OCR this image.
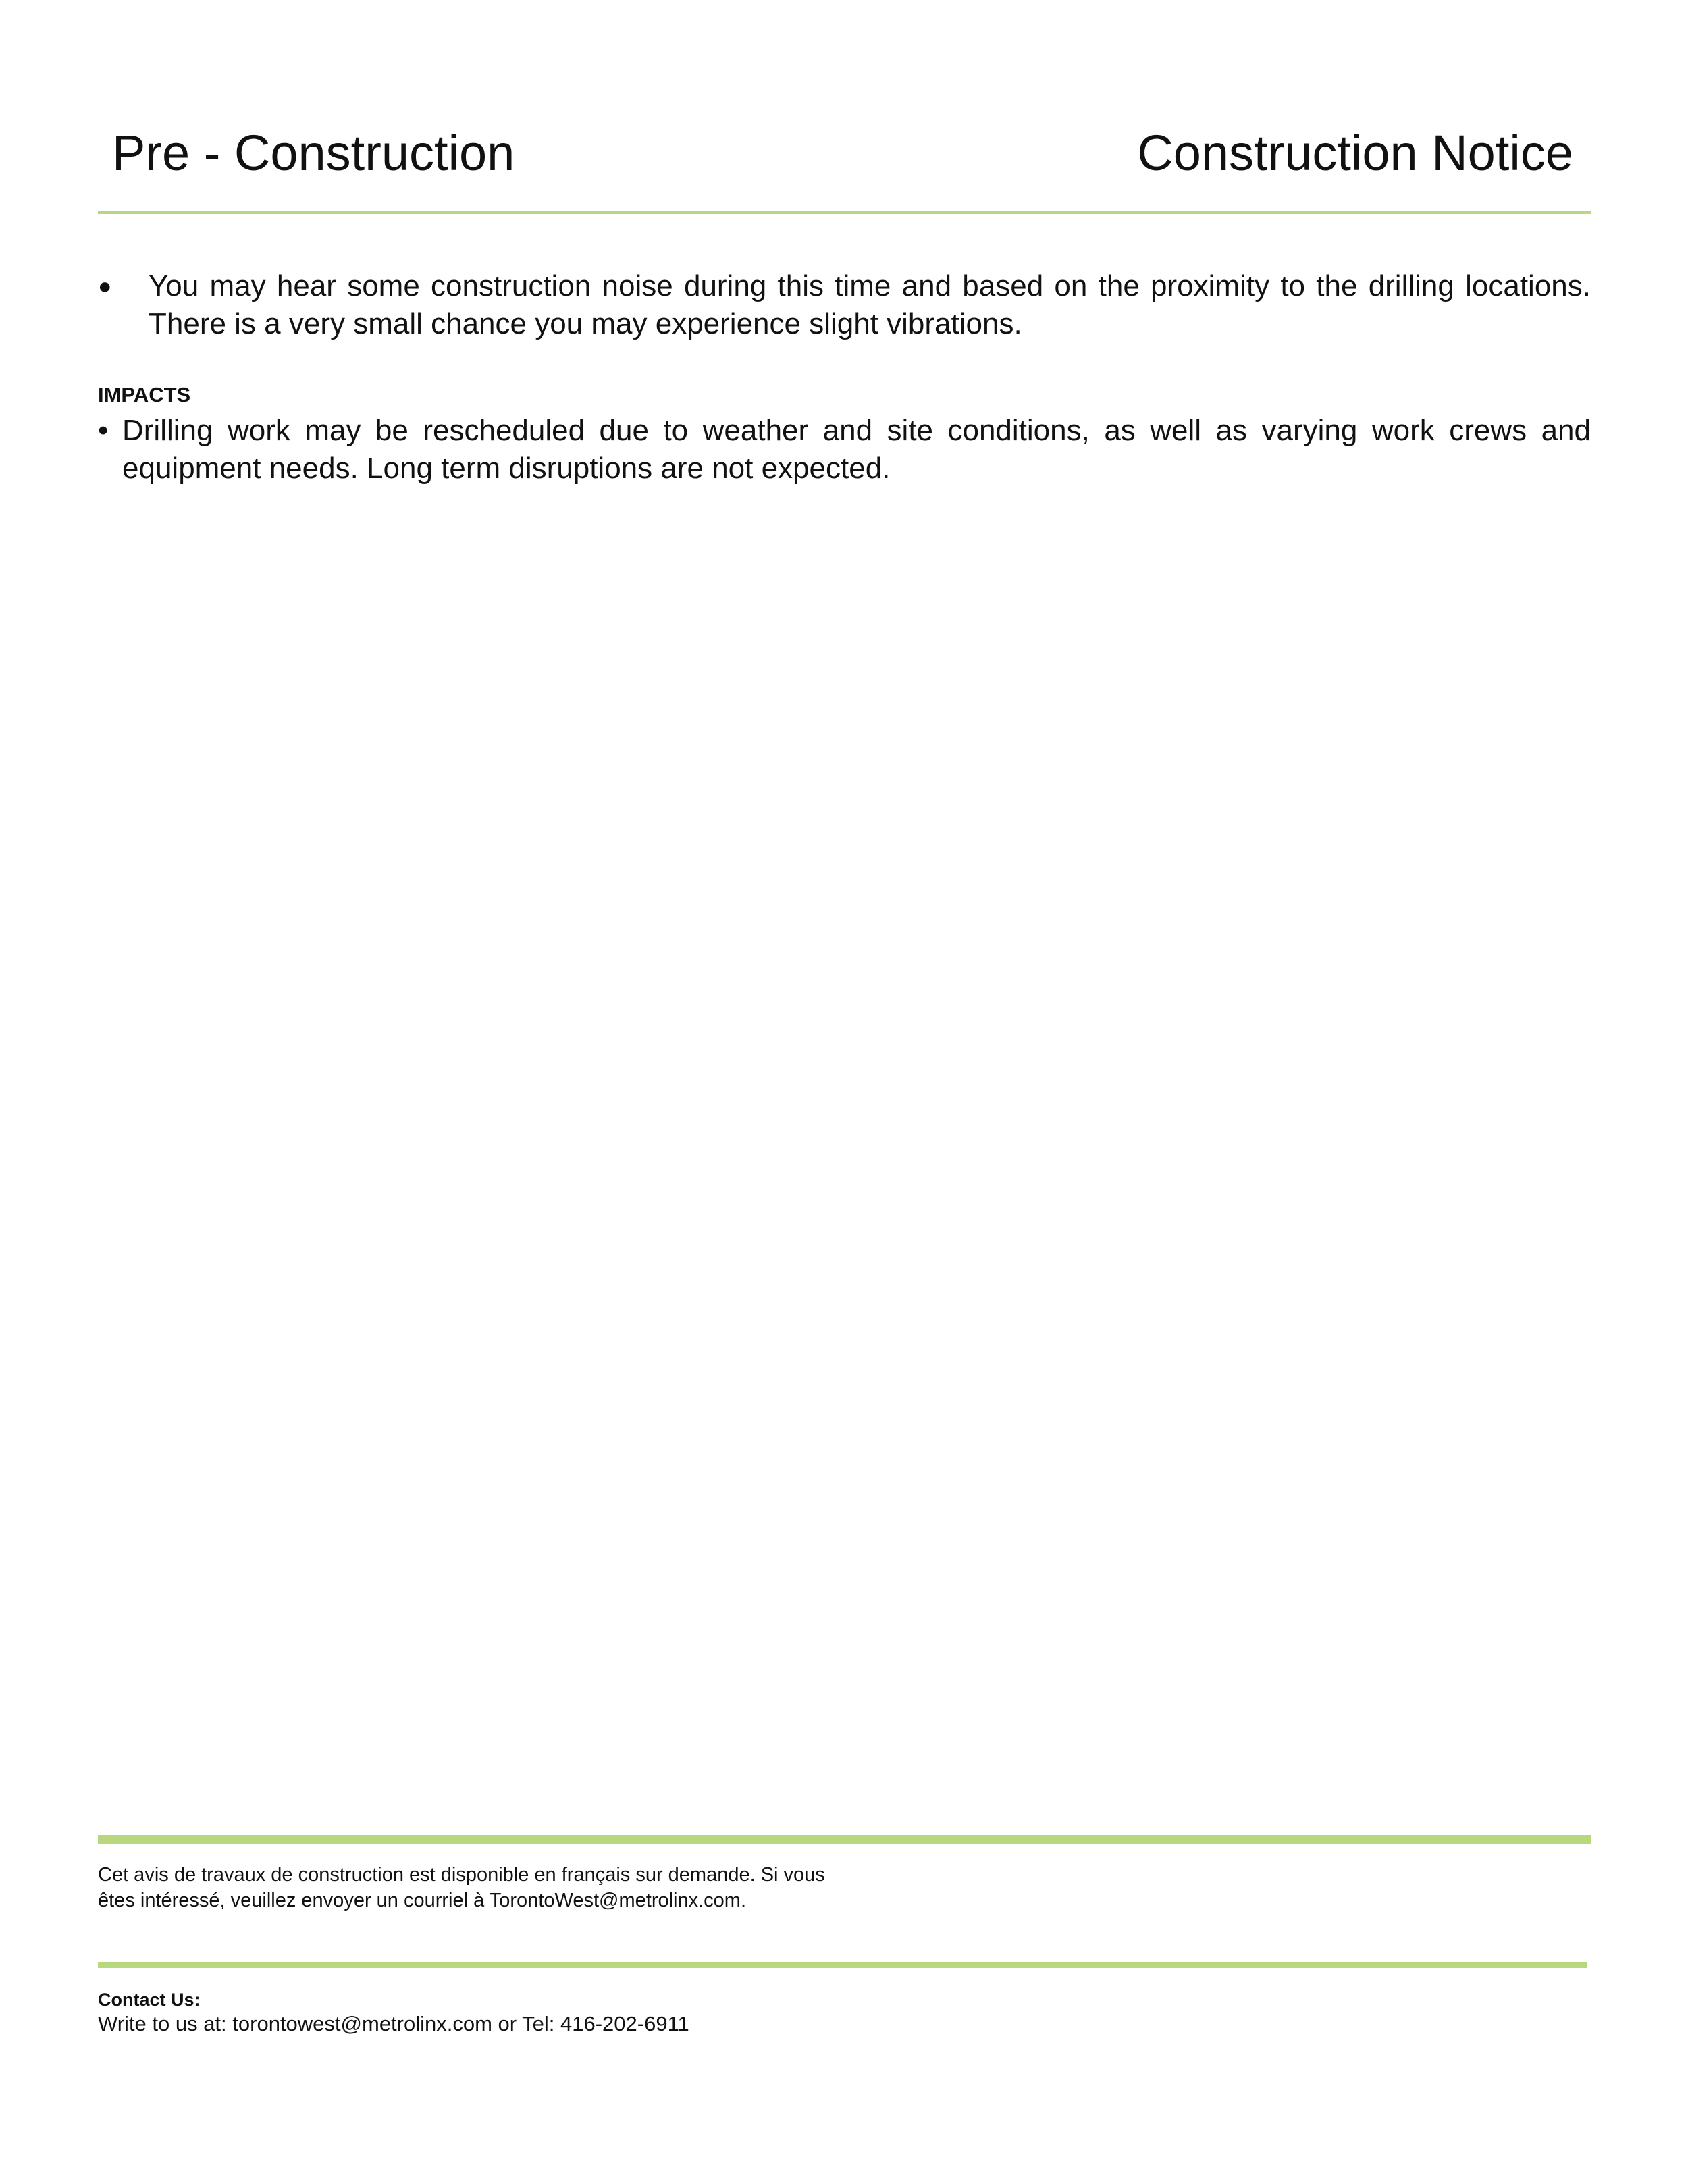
Pre - Construction	Construction Notice
● You may hear some construction noise during this time and based on the proximity to the drilling locations. There is a very small chance you may experience slight vibrations.
IMPACTS
• Drilling work may be rescheduled due to weather and site conditions, as well as varying work crews and equipment needs. Long term disruptions are not expected.
Cet avis de travaux de construction est disponible en français sur demande. Si vous êtes intéressé, veuillez envoyer un courriel à TorontoWest@metrolinx.com.
Contact Us:
Write to us at: torontowest@metrolinx.com or Tel: 416-202-6911
